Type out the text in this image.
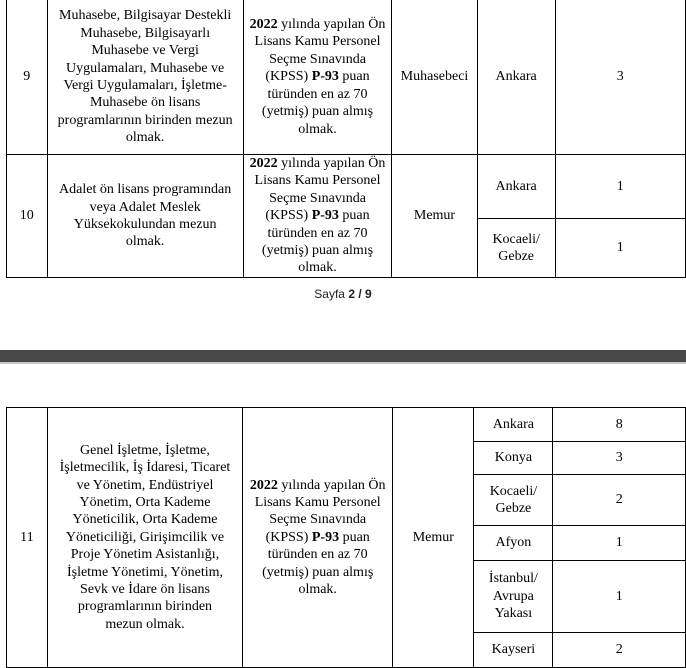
9	Muhasebe, Bilgisayar Destekli Muhasebe, Bilgisayarlı Muhasebe ve Vergi Uygulamaları, Muhasebe ve Vergi Uygulamaları, İşletme-Muhasebe ön lisans programlarının birinden mezun olmak.	2022 yılında yapılan Ön Lisans Kamu Personel Seçme Sınavında (KPSS) P-93 puan türünden en az 70 (yetmiş) puan almış olmak.	Muhasebeci	Ankara	3
10	Adalet ön lisans programından veya Adalet Meslek Yüksekokulundan mezun olmak.	2022 yılında yapılan Ön Lisans Kamu Personel Seçme Sınavında (KPSS) P-93 puan türünden en az 70 (yetmiş) puan almış olmak.	Memur	Ankara	1
				Kocaeli/ Gebze	1
Sayfa 2 / 9
11	Genel İşletme, İşletme, İşletmecilik, İş İdaresi, Ticaret ve Yönetim, Endüstriyel Yönetim, Orta Kademe Yöneticilik, Orta Kademe Yöneticiliği, Girişimcilik ve Proje Yönetim Asistanlığı, İşletme Yönetimi, Yönetim, Sevk ve İdare ön lisans programlarının birinden mezun olmak.	2022 yılında yapılan Ön Lisans Kamu Personel Seçme Sınavında (KPSS) P-93 puan türünden en az 70 (yetmiş) puan almış olmak.	Memur	Ankara	8
				Konya	3
				Kocaeli/ Gebze	2
				Afyon	1
				İstanbul/ Avrupa Yakası	1
				Kayseri	2
